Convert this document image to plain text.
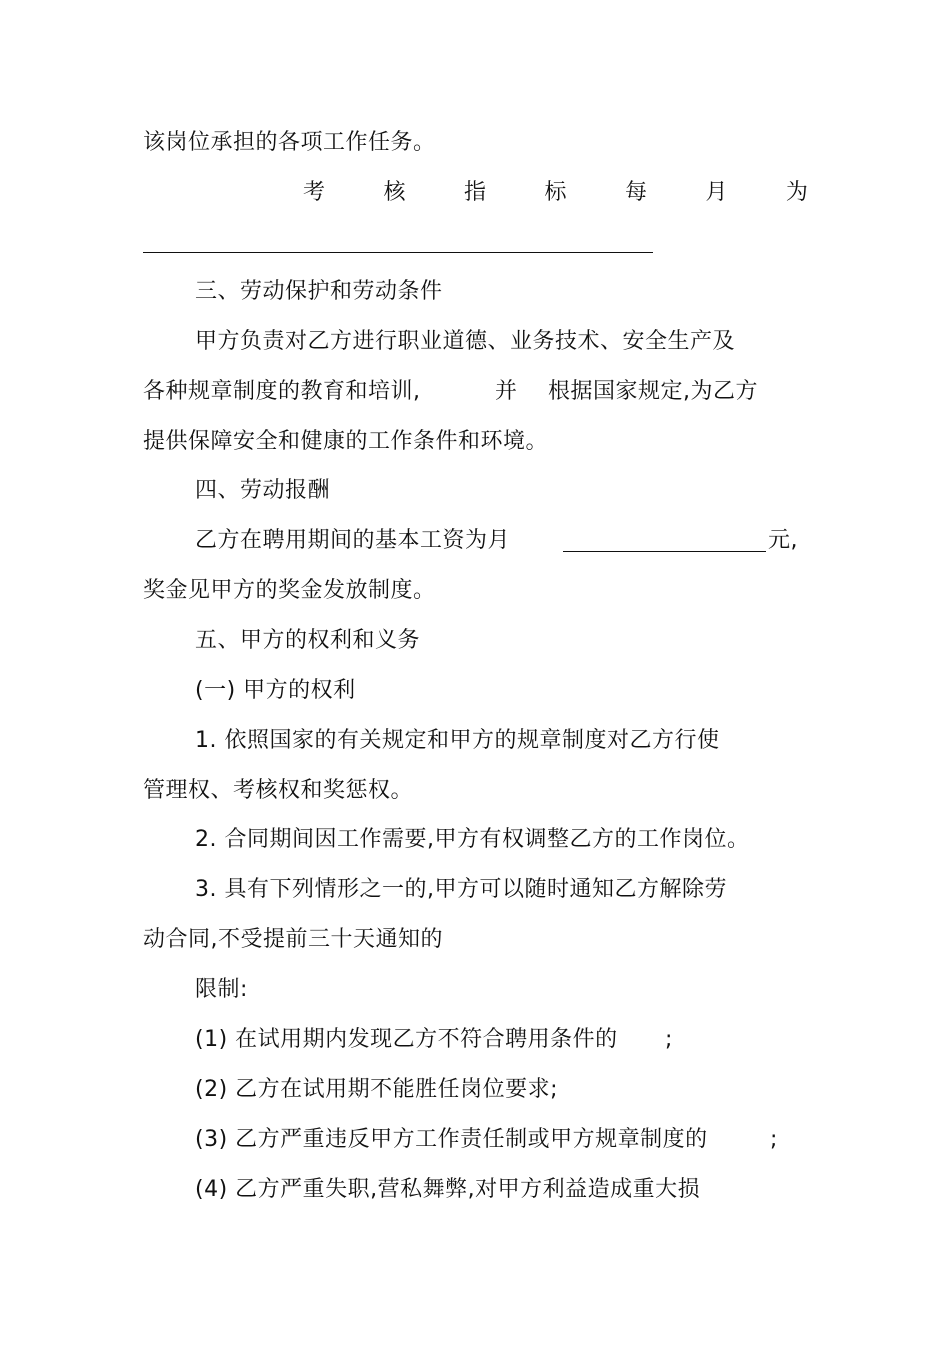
该岗位承担的各项工作任务。
考	核	指	标	每	月	为
三、劳动保护和劳动条件
甲方负责对乙方进行职业道德、业务技术、安全生产及
各种规章制度的教育和培训,	并 根据国家规定,为乙方
提供保障安全和健康的工作条件和环境。
四、劳动报酬
乙方在聘用期间的基本工资为月	元,
奖金见甲方的奖金发放制度。
五、甲方的权利和义务
(一) 甲方的权利
1. 依照国家的有关规定和甲方的规章制度对乙方行使
管理权、考核权和奖惩权。
2. 合同期间因工作需要,甲方有权调整乙方的工作岗位。
3. 具有下列情形之一的,甲方可以随时通知乙方解除劳
动合同,不受提前三十天通知的
限制:
(1) 在试用期内发现乙方不符合聘用条件的 ;
(2) 乙方在试用期不能胜任岗位要求;
(3) 乙方严重违反甲方工作责任制或甲方规章制度的	;
(4) 乙方严重失职,营私舞弊,对甲方利益造成重大损
